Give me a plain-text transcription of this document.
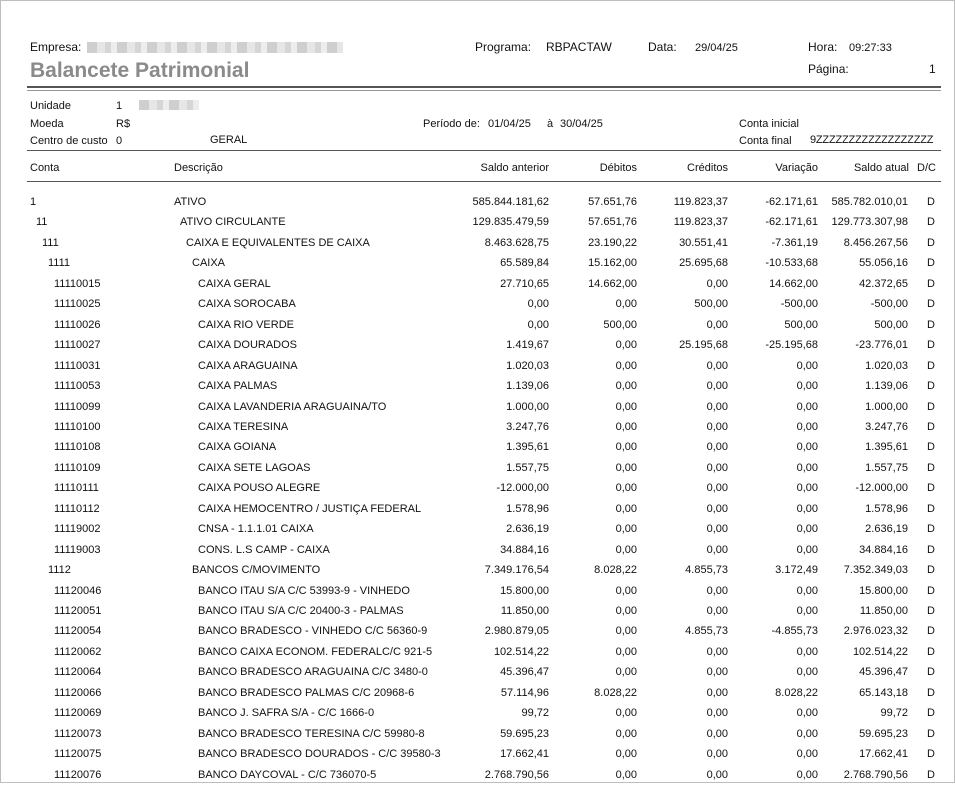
Empresa:	Programa: RBPACTAW	Data: 29/04/25	Hora: 09:27:33
Balancete Patrimonial	Página:	1
Unidade	1
Moeda	R$	Período de: 01/04/25 à 30/04/25	Conta inicial
Centro de custo 0	GERAL	Conta final 9ZZZZZZZZZZZZZZZZZZ
Conta	Descrição	Saldo anterior	Débitos	Créditos	Variação	Saldo atual D/C
1	ATIVO	585.844.181,62	57.651,76	119.823,37	-62.171,61 585.782.010,01 D
11	ATIVO CIRCULANTE	129.835.479,59	57.651,76	119.823,37	-62.171,61 129.773.307,98 D
111	CAIXA E EQUIVALENTES DE CAIXA	8.463.628,75	23.190,22	30.551,41	-7.361,19 8.456.267,56 D
1111	CAIXA	65.589,84	15.162,00	25.695,68	-10.533,68	55.056,16 D
11110015	CAIXA GERAL	27.710,65	14.662,00	0,00	14.662,00	42.372,65 D
11110025	CAIXA SOROCABA	0,00	0,00	500,00	-500,00	-500,00 D
11110026	CAIXA RIO VERDE	0,00	500,00	0,00	500,00	500,00 D
11110027	CAIXA DOURADOS	1.419,67	0,00	25.195,68	-25.195,68	-23.776,01 D
11110031	CAIXA ARAGUAINA	1.020,03	0,00	0,00	0,00	1.020,03 D
11110053	CAIXA PALMAS	1.139,06	0,00	0,00	0,00	1.139,06 D
11110099	CAIXA LAVANDERIA ARAGUAINA/TO	1.000,00	0,00	0,00	0,00	1.000,00 D
11110100	CAIXA TERESINA	3.247,76	0,00	0,00	0,00	3.247,76 D
11110108	CAIXA GOIANA	1.395,61	0,00	0,00	0,00	1.395,61 D
11110109	CAIXA SETE LAGOAS	1.557,75	0,00	0,00	0,00	1.557,75 D
11110111	CAIXA POUSO ALEGRE	-12.000,00	0,00	0,00	0,00	-12.000,00 D
11110112	CAIXA HEMOCENTRO / JUSTIÇA FEDERAL	1.578,96	0,00	0,00	0,00	1.578,96 D
11119002	CNSA - 1.1.1.01 CAIXA	2.636,19	0,00	0,00	0,00	2.636,19 D
11119003	CONS. L.S CAMP - CAIXA	34.884,16	0,00	0,00	0,00	34.884,16 D
1112	BANCOS C/MOVIMENTO	7.349.176,54	8.028,22	4.855,73	3.172,49 7.352.349,03 D
11120046	BANCO ITAU S/A C/C 53993-9 - VINHEDO	15.800,00	0,00	0,00	0,00	15.800,00 D
11120051	BANCO ITAU S/A C/C 20400-3 - PALMAS	11.850,00	0,00	0,00	0,00	11.850,00 D
11120054	BANCO BRADESCO - VINHEDO C/C 56360-9	2.980.879,05	0,00	4.855,73	-4.855,73 2.976.023,32 D
11120062	BANCO CAIXA ECONOM. FEDERALC/C 921-5	102.514,22	0,00	0,00	0,00	102.514,22 D
11120064	BANCO BRADESCO ARAGUAINA C/C 3480-0	45.396,47	0,00	0,00	0,00	45.396,47 D
11120066	BANCO BRADESCO PALMAS C/C 20968-6	57.114,96	8.028,22	0,00	8.028,22	65.143,18 D
11120069	BANCO J. SAFRA S/A - C/C 1666-0	99,72	0,00	0,00	0,00	99,72 D
11120073	BANCO BRADESCO TERESINA C/C 59980-8	59.695,23	0,00	0,00	0,00	59.695,23 D
11120075	BANCO BRADESCO DOURADOS - C/C 39580-3	17.662,41	0,00	0,00	0,00	17.662,41 D
11120076	BANCO DAYCOVAL - C/C 736070-5	2.768.790,56	0,00	0,00	0,00 2.768.790,56 D
